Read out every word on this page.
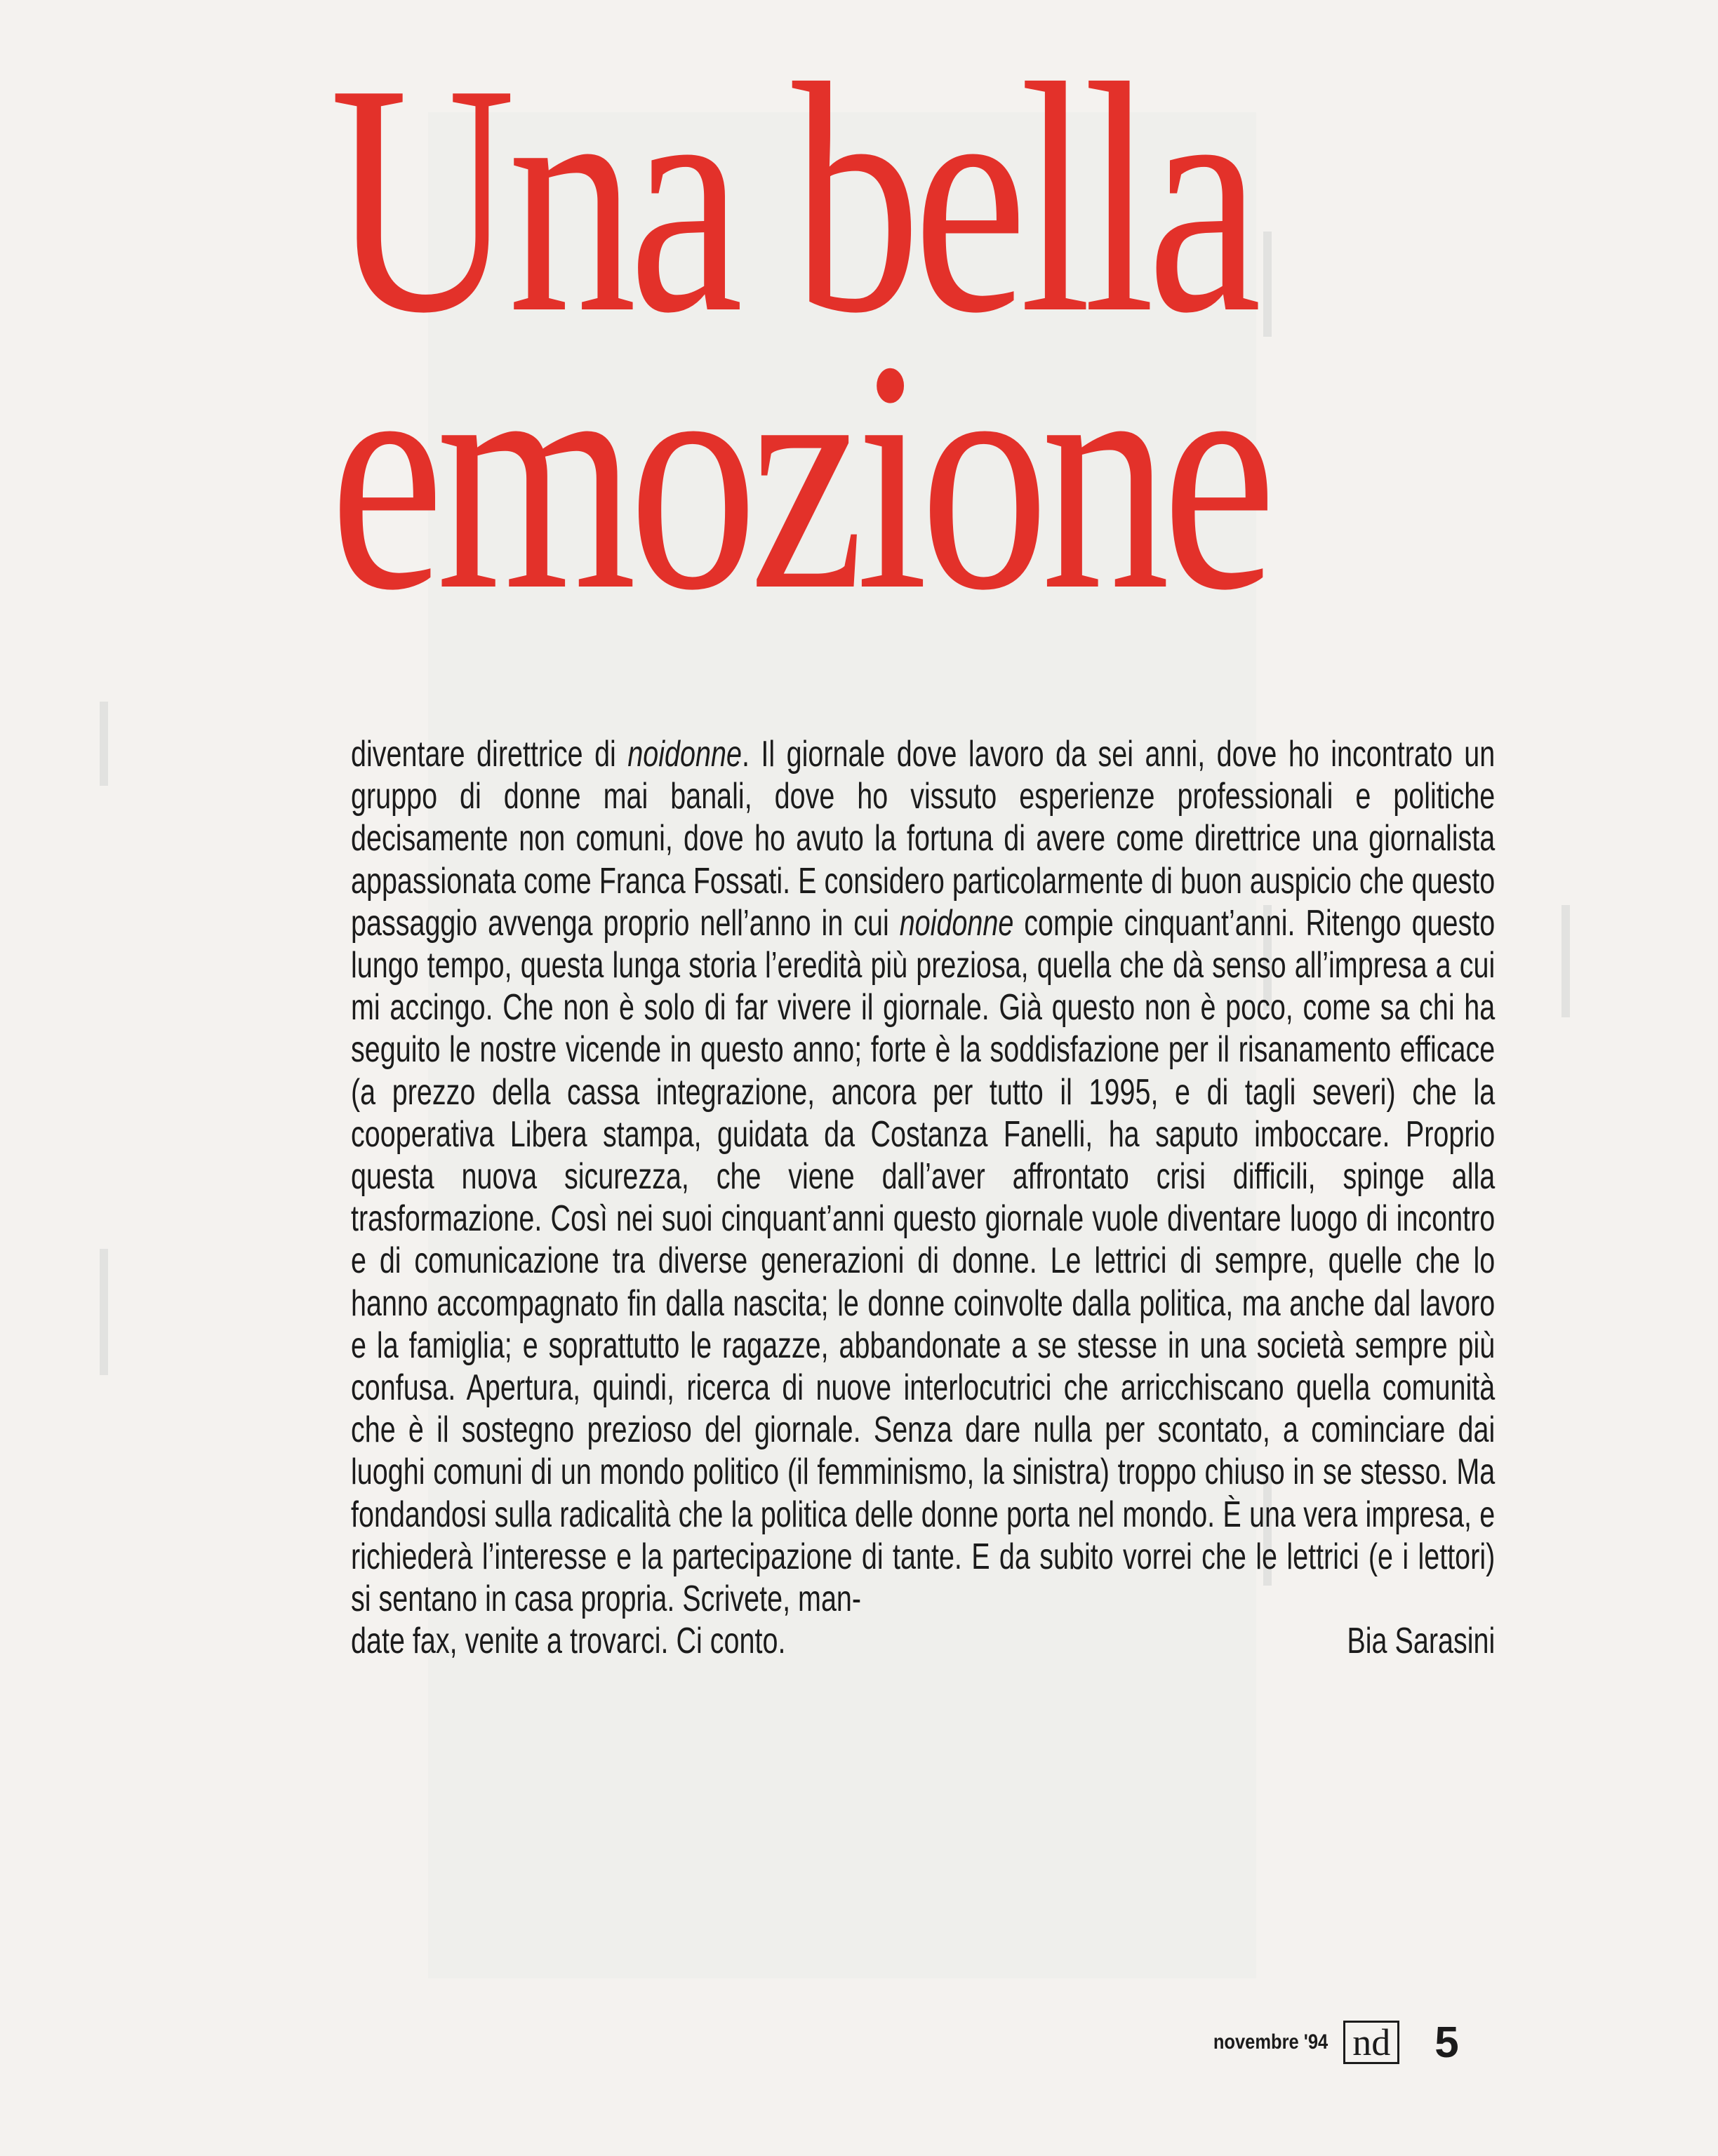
Una bella
emozione

diventare direttrice di noidonne. Il giornale dove lavoro da sei anni, dove ho incontrato un gruppo di donne mai banali, dove ho vissuto esperienze professionali e politiche decisamente non comuni, dove ho avuto la fortuna di avere come direttrice una giornalista appassionata come Franca Fossati. E considero particolarmente di buon auspicio che questo passaggio avvenga proprio nell’anno in cui noidonne compie cinquant’anni. Ritengo questo lungo tempo, questa lunga storia l’eredità più preziosa, quella che dà senso all’impresa a cui mi accingo. Che non è solo di far vivere il giornale. Già questo non è poco, come sa chi ha seguito le nostre vicende in questo anno; forte è la soddisfazione per il risanamento efficace (a prezzo della cassa integrazione, ancora per tutto il 1995, e di tagli severi) che la cooperativa Libera stampa, guidata da Costanza Fanelli, ha saputo imboccare. Proprio questa nuova sicurezza, che viene dall’aver affrontato crisi difficili, spinge alla trasformazione. Così nei suoi cinquant’anni questo giornale vuole diventare luogo di incontro e di comunicazione tra diverse generazioni di donne. Le lettrici di sempre, quelle che lo hanno accompagnato fin dalla nascita; le donne coinvolte dalla politica, ma anche dal lavoro e la famiglia; e soprattutto le ragazze, abbandonate a se stesse in una società sempre più confusa. Apertura, quindi, ricerca di nuove interlocutrici che arricchiscano quella comunità che è il sostegno prezioso del giornale. Senza dare nulla per scontato, a cominciare dai luoghi comuni di un mondo politico (il femminismo, la sinistra) troppo chiuso in se stesso. Ma fondandosi sulla radicalità che la politica delle donne porta nel mondo. È una vera impresa, e richiederà l’interesse e la partecipazione di tante. E da subito vorrei che le lettrici (e i lettori) si sentano in casa propria. Scrivete, man-

date fax, venite a trovarci. Ci conto.	Bia Sarasini
novembre '94 nd 5
